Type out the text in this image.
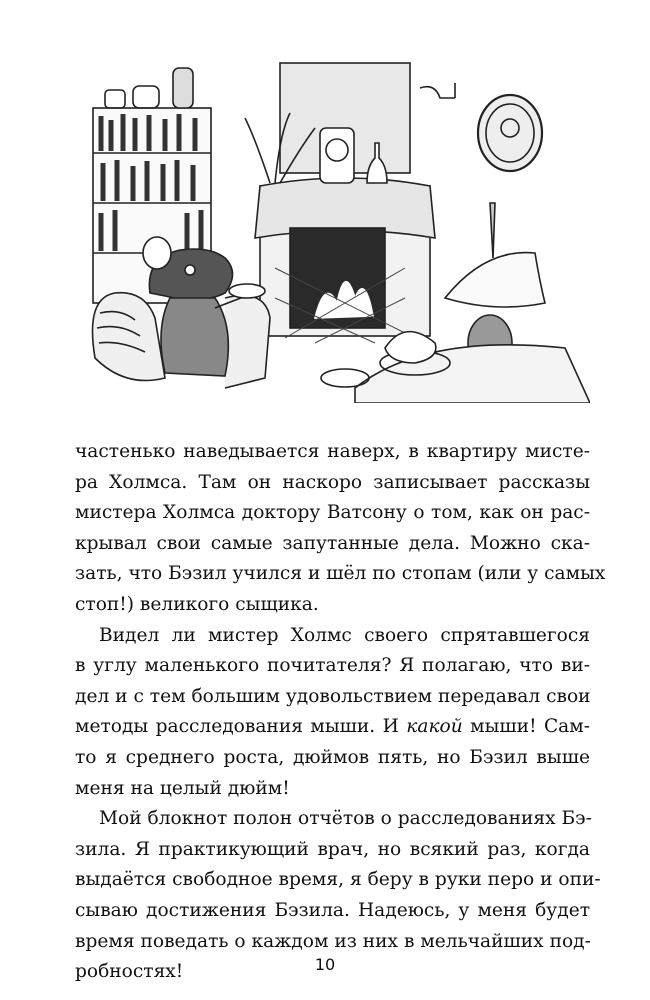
частенько наведывается наверх, в квартиру мисте-
ра Холмса. Там он наскоро записывает рассказы
мистера Холмса доктору Ватсону о том, как он рас-
крывал свои самые запутанные дела. Можно ска-
зать, что Бэзил учился и шёл по стопам (или у самых
стоп!) великого сыщика.

Видел ли мистер Холмс своего спрятавшегося
в углу маленького почитателя? Я полагаю, что ви-
дел и с тем большим удовольствием передавал свои
методы расследования мыши. И какой мыши! Сам-
то я среднего роста, дюймов пять, но Бэзил выше
меня на целый дюйм!

Мой блокнот полон отчётов о расследованиях Бэ-
зила. Я практикующий врач, но всякий раз, когда
выдаётся свободное время, я беру в руки перо и опи-
сываю достижения Бэзила. Надеюсь, у меня будет
время поведать о каждом из них в мельчайших под-
робностях!	10
